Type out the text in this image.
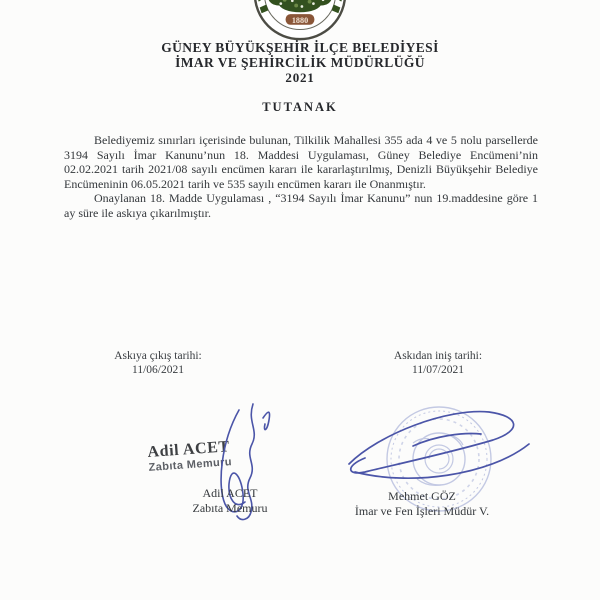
1880
GÜNEY BÜYÜKŞEHİR İLÇE BELEDİYESİ
İMAR VE ŞEHİRCİLİK MÜDÜRLÜĞÜ
2021
TUTANAK

Belediyemiz sınırları içerisinde bulunan, Tilkilik Mahallesi 355 ada 4 ve 5 nolu parsellerde 3194 Sayılı İmar Kanunu’nun 18. Maddesi Uygulaması, Güney Belediye Encümeni’nin 02.02.2021 tarih 2021/08 sayılı encümen kararı ile kararlaştırılmış, Denizli Büyükşehir Belediye Encümeninin 06.05.2021 tarih ve 535 sayılı encümen kararı ile Onanmıştır.

Onaylanan 18. Madde Uygulaması , “3194 Sayılı İmar Kanunu” nun 19.maddesine göre 1 ay süre ile askıya çıkarılmıştır.

Askıya çıkış tarihi:
11/06/2021
Askıdan iniş tarihi:
11/07/2021
Adil ACET
Zabıta Memuru
Adil ACET
Zabıta Memuru
Mehmet GÖZ
İmar ve Fen İşleri Müdür V.
